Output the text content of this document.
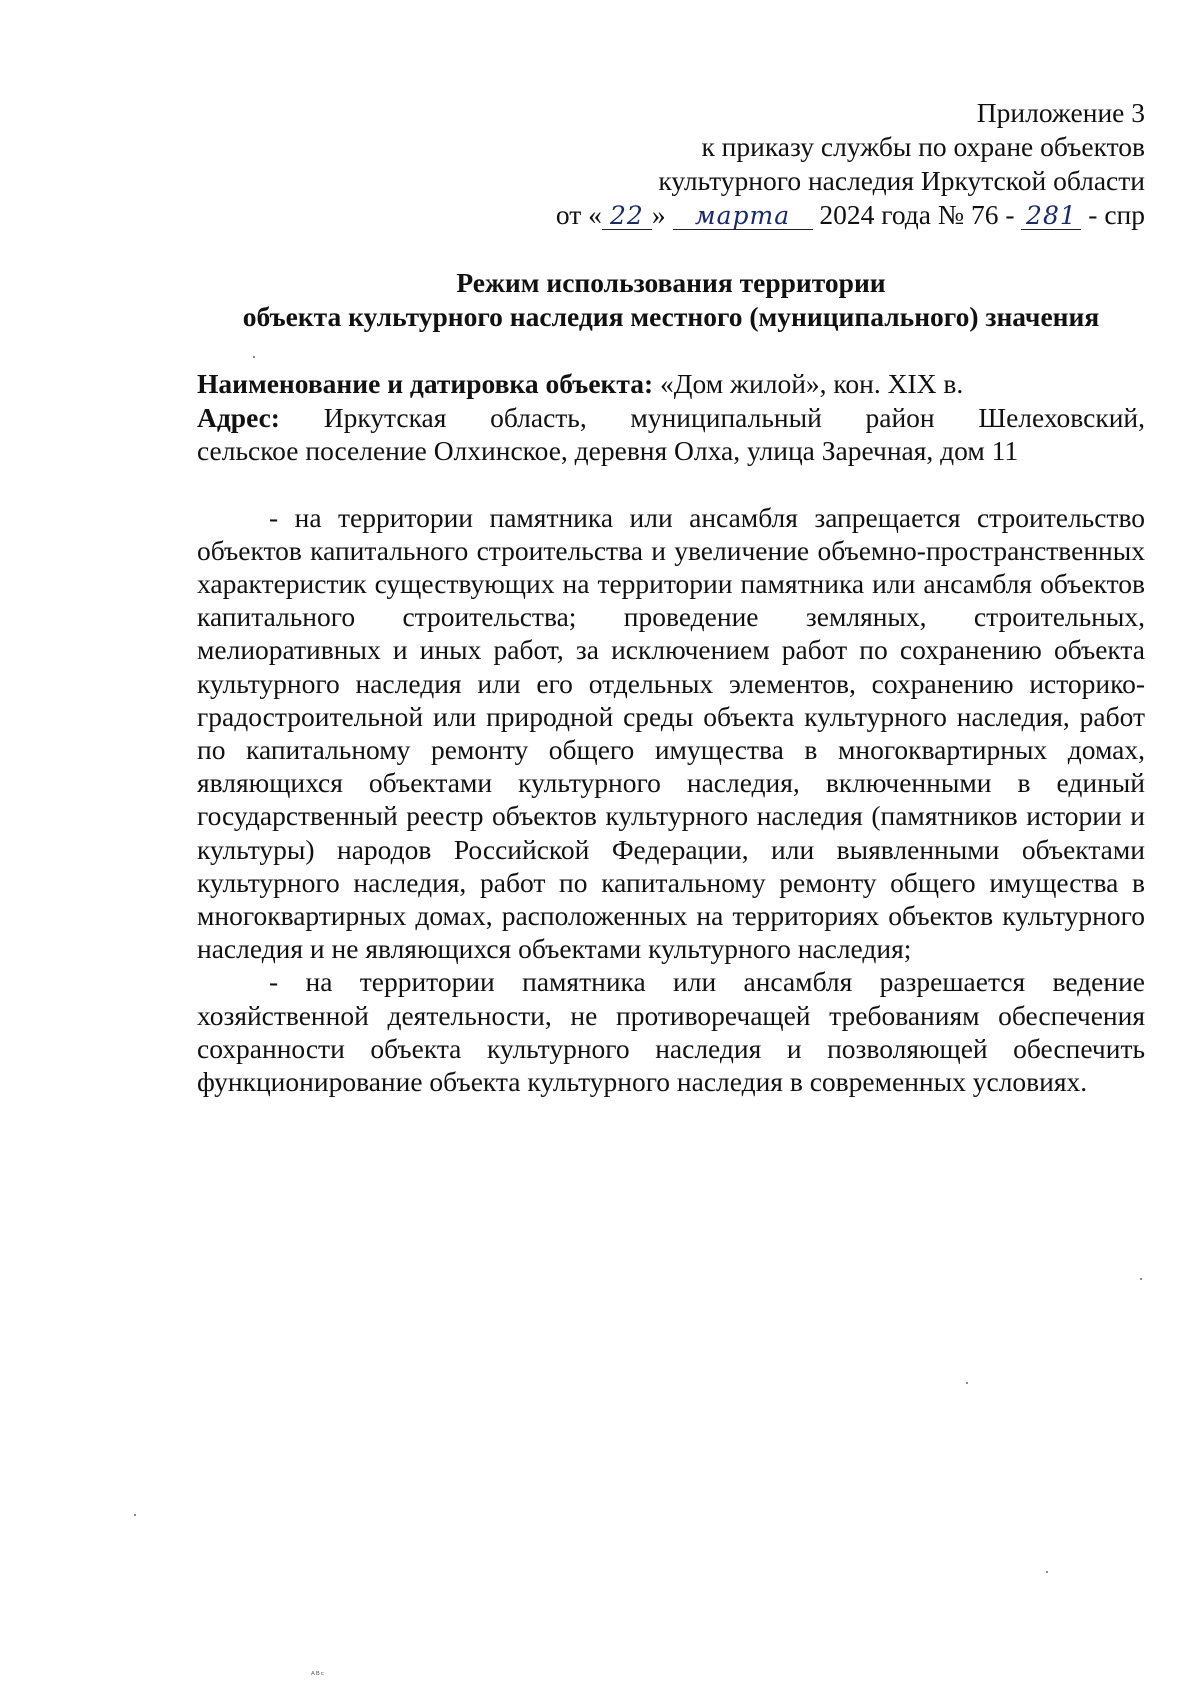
Приложение 3
к приказу службы по охране объектов
культурного наследия Иркутской области
от « 22 » марта 2024 года № 76 - 281 - спр
Режим использования территории
объекта культурного наследия местного (муниципального) значения
Наименование и датировка объекта: «Дом жилой», кон. XIX в.
Адрес: Иркутская область, муниципальный район Шелеховский,
сельское поселение Олхинское, деревня Олха, улица Заречная, дом 11

- на территории памятника или ансамбля запрещается строительство объектов капитального строительства и увеличение объемно-пространственных характеристик существующих на территории памятника или ансамбля объектов капитального строительства; проведение земляных, строительных, мелиоративных и иных работ, за исключением работ по сохранению объекта культурного наследия или его отдельных элементов, сохранению историко-градостроительной или природной среды объекта культурного наследия, работ по капитальному ремонту общего имущества в многоквартирных домах, являющихся объектами культурного наследия, включенными в единый государственный реестр объектов культурного наследия (памятников истории и культуры) народов Российской Федерации, или выявленными объектами культурного наследия, работ по капитальному ремонту общего имущества в многоквартирных домах, расположенных на территориях объектов культурного наследия и не являющихся объектами культурного наследия;

- на территории памятника или ансамбля разрешается ведение хозяйственной деятельности, не противоречащей требованиям обеспечения сохранности объекта культурного наследия и позволяющей обеспечить функционирование объекта культурного наследия в современных условиях.

ᴬᴮᶜ
